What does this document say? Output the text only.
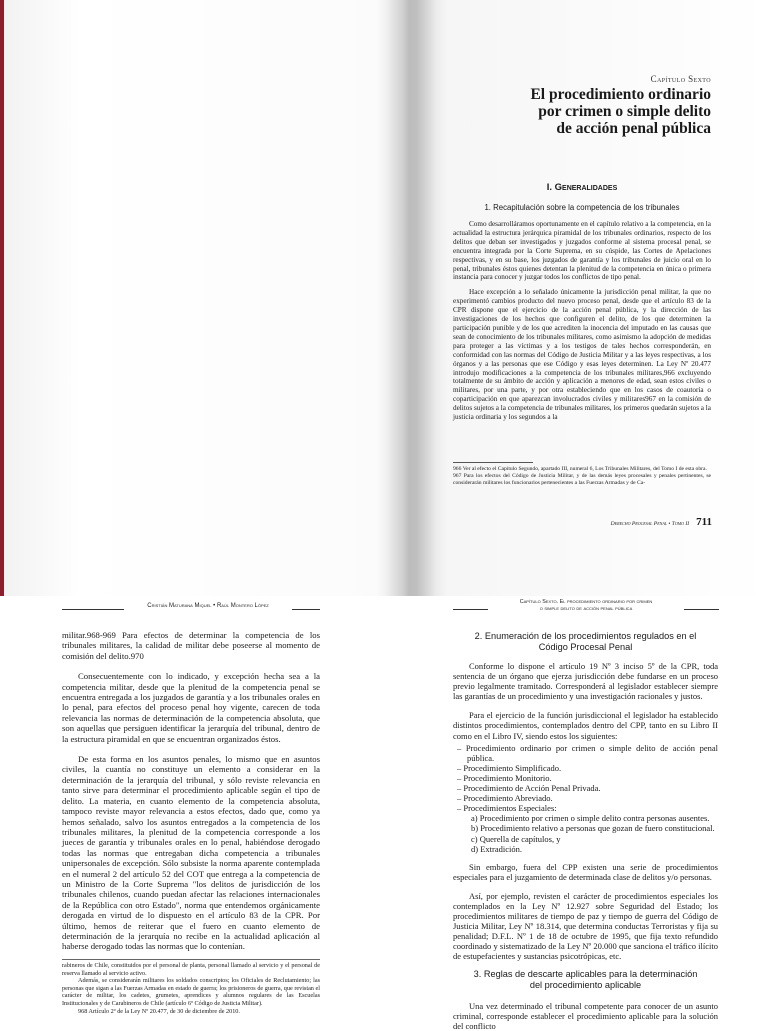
Capítulo Sexto
El procedimiento ordinario
por crimen o simple delito
de acción penal pública
I. Generalidades
1. Recapitulación sobre la competencia de los tribunales

Como desarrolláramos oportunamente en el capítulo relativo a la competencia, en la actualidad la estructura jerárquica piramidal de los tribunales ordinarios, respecto de los delitos que deban ser investigados y juzgados conforme al sistema procesal penal, se encuentra integrada por la Corte Suprema, en su cúspide, las Cortes de Apelaciones respectivas, y en su base, los juzgados de garantía y los tribunales de juicio oral en lo penal, tribunales éstos quienes detentan la plenitud de la competencia en única o primera instancia para conocer y juzgar todos los conflictos de tipo penal.

Hace excepción a lo señalado únicamente la jurisdicción penal militar, la que no experimentó cambios producto del nuevo proceso penal, desde que el artículo 83 de la CPR dispone que el ejercicio de la acción penal pública, y la dirección de las investigaciones de los hechos que configuren el delito, de los que determinen la participación punible y de los que acrediten la inocencia del imputado en las causas que sean de conocimiento de los tribunales militares, como asimismo la adopción de medidas para proteger a las víctimas y a los testigos de tales hechos corresponderán, en conformidad con las normas del Código de Justicia Militar y a las leyes respectivas, a los órganos y a las personas que ese Código y esas leyes determinen. La Ley Nº 20.477 introdujo modificaciones a la competencia de los tribunales militares,966 excluyendo totalmente de su ámbito de acción y aplicación a menores de edad, sean estos civiles o militares, por una parte, y por otra estableciendo que en los casos de coautoría o coparticipación en que aparezcan involucrados civiles y militares967 en la comisión de delitos sujetos a la competencia de tribunales militares, los primeros quedarán sujetos a la justicia ordinaria y los segundos a la

966 Ver al efecto el Capítulo Segundo, apartado III, numeral 6, Los Tribunales Militares, del Tomo I de esta obra.

967 Para los efectos del Código de Justicia Militar, y de las demás leyes procesales y penales pertinentes, se considerarán militares los funcionarios pertenecientes a las Fuerzas Armadas y de Ca-

Derecho Procesal Penal • Tomo II 711
Cristián Maturana Miquel • Raúl Montero López

militar.968-969 Para efectos de determinar la competencia de los tribunales militares, la calidad de militar debe poseerse al momento de comisión del delito.970

Consecuentemente con lo indicado, y excepción hecha sea a la competencia militar, desde que la plenitud de la competencia penal se encuentra entregada a los juzgados de garantía y a los tribunales orales en lo penal, para efectos del proceso penal hoy vigente, carecen de toda relevancia las normas de determinación de la competencia absoluta, que son aquellas que persiguen identificar la jerarquía del tribunal, dentro de la estructura piramidal en que se encuentran organizados éstos.

De esta forma en los asuntos penales, lo mismo que en asuntos civiles, la cuantía no constituye un elemento a considerar en la determinación de la jerarquía del tribunal, y sólo reviste relevancia en tanto sirve para determinar el procedimiento aplicable según el tipo de delito. La materia, en cuanto elemento de la competencia absoluta, tampoco reviste mayor relevancia a estos efectos, dado que, como ya hemos señalado, salvo los asuntos entregados a la competencia de los tribunales militares, la plenitud de la competencia corresponde a los jueces de garantía y tribunales orales en lo penal, habiéndose derogado todas las normas que entregaban dicha competencia a tribunales unipersonales de excepción. Sólo subsiste la norma aparente contemplada en el numeral 2 del artículo 52 del COT que entrega a la competencia de un Ministro de la Corte Suprema "los delitos de jurisdicción de los tribunales chilenos, cuando puedan afectar las relaciones internacionales de la República con otro Estado", norma que entendemos orgánicamente derogada en virtud de lo dispuesto en el artículo 83 de la CPR. Por último, hemos de reiterar que el fuero en cuanto elemento de determinación de la jerarquía no recibe en la actualidad aplicación al haberse derogado todas las normas que lo contenían.

rabineros de Chile, constituidos por el personal de planta, personal llamado al servicio y el personal de reserva llamado al servicio activo.

Además, se considerarán militares los soldados conscriptos; los Oficiales de Reclutamiento; las personas que sigan a las Fuerzas Armadas en estado de guerra; los prisioneros de guerra, que revistan el carácter de militar, los cadetes, grumetes, aprendices y alumnos regulares de las Escuelas Institucionales y de Carabineros de Chile (artículo 6º Código de Justicia Militar).

968 Artículo 2º de la Ley Nº 20.477, de 30 de diciembre de 2010.

Capítulo Sexto. El procedimiento ordinario por crimen
o simple delito de acción penal pública
2. Enumeración de los procedimientos regulados en el
Código Procesal Penal

Conforme lo dispone el artículo 19 Nº 3 inciso 5º de la CPR, toda sentencia de un órgano que ejerza jurisdicción debe fundarse en un proceso previo legalmente tramitado. Corresponderá al legislador establecer siempre las garantías de un procedimiento y una investigación racionales y justos.

Para el ejercicio de la función jurisdiccional el legislador ha establecido distintos procedimientos, contemplados dentro del CPP, tanto en su Libro II como en el Libro IV, siendo estos los siguientes:

– Procedimiento ordinario por crimen o simple delito de acción penal pública.
– Procedimiento Simplificado.
– Procedimiento Monitorio.
– Procedimiento de Acción Penal Privada.
– Procedimiento Abreviado.
– Procedimientos Especiales:
a) Procedimiento por crimen o simple delito contra personas ausentes.
b) Procedimiento relativo a personas que gozan de fuero constitucional.
c) Querella de capítulos, y
d) Extradición.

Sin embargo, fuera del CPP existen una serie de procedimientos especiales para el juzgamiento de determinada clase de delitos y/o personas.

Así, por ejemplo, revisten el carácter de procedimientos especiales los contemplados en la Ley Nº 12.927 sobre Seguridad del Estado; los procedimientos militares de tiempo de paz y tiempo de guerra del Código de Justicia Militar, Ley Nº 18.314, que determina conductas Terroristas y fija su penalidad; D.F.L. Nº 1 de 18 de octubre de 1995, que fija texto refundido coordinado y sistematizado de la Ley Nº 20.000 que sanciona el tráfico ilícito de estupefacientes y sustancias psicotrópicas, etc.

3. Reglas de descarte aplicables para la determinación
del procedimiento aplicable

Una vez determinado el tribunal competente para conocer de un asunto criminal, corresponde establecer el procedimiento aplicable para la solución del conflicto
